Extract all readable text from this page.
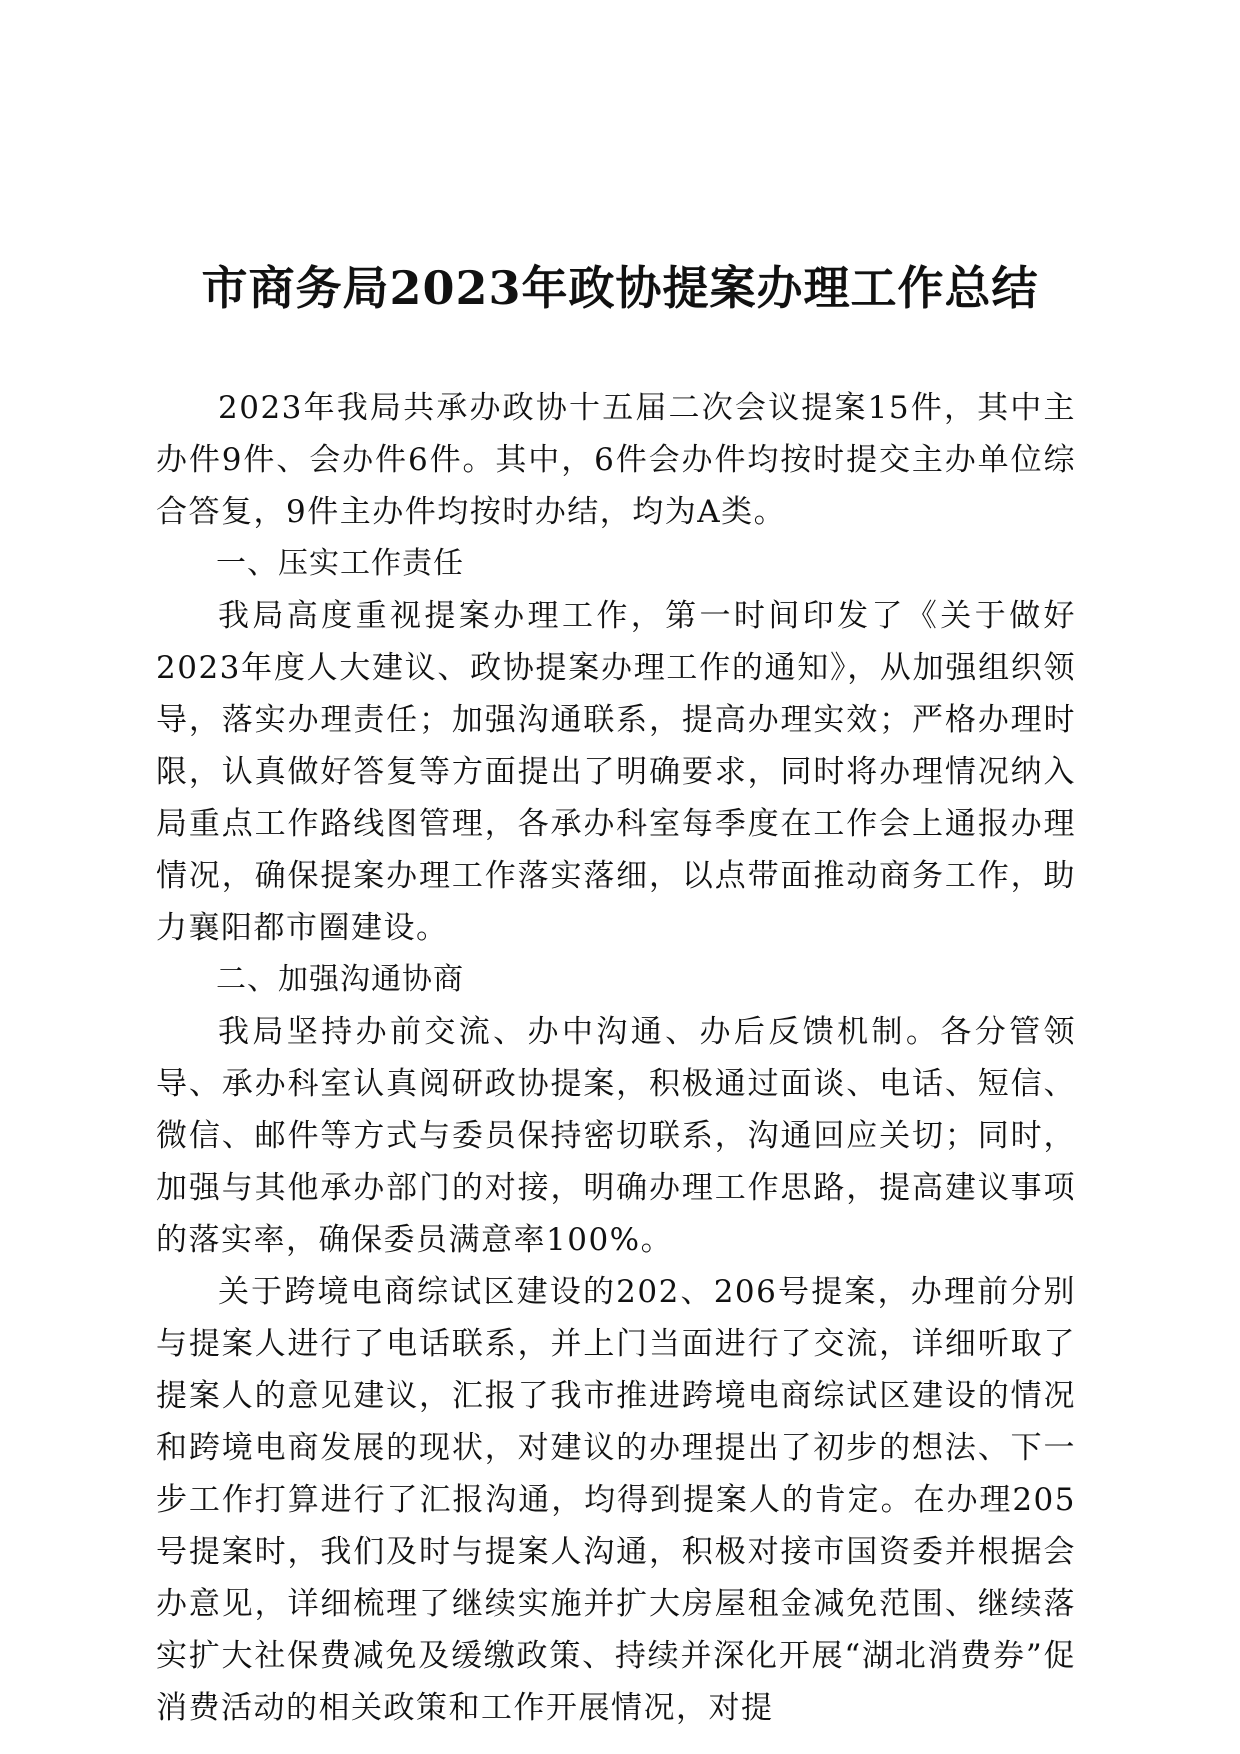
市商务局2023年政协提案办理工作总结

2023年我局共承办政协十五届二次会议提案15件，其中主办件9件、会办件6件。其中，6件会办件均按时提交主办单位综合答复，9件主办件均按时办结，均为A类。

一、压实工作责任

我局高度重视提案办理工作，第一时间印发了《关于做好2023年度人大建议、政协提案办理工作的通知》，从加强组织领导，落实办理责任；加强沟通联系，提高办理实效；严格办理时限，认真做好答复等方面提出了明确要求，同时将办理情况纳入局重点工作路线图管理，各承办科室每季度在工作会上通报办理情况，确保提案办理工作落实落细，以点带面推动商务工作，助力襄阳都市圈建设。

二、加强沟通协商

我局坚持办前交流、办中沟通、办后反馈机制。各分管领导、承办科室认真阅研政协提案，积极通过面谈、电话、短信、微信、邮件等方式与委员保持密切联系，沟通回应关切；同时，加强与其他承办部门的对接，明确办理工作思路，提高建议事项的落实率，确保委员满意率100%。

关于跨境电商综试区建设的202、206号提案，办理前分别与提案人进行了电话联系，并上门当面进行了交流，详细听取了提案人的意见建议，汇报了我市推进跨境电商综试区建设的情况和跨境电商发展的现状，对建议的办理提出了初步的想法、下一步工作打算进行了汇报沟通，均得到提案人的肯定。在办理205号提案时，我们及时与提案人沟通，积极对接市国资委并根据会办意见，详细梳理了继续实施并扩大房屋租金减免范围、继续落实扩大社保费减免及缓缴政策、持续并深化开展“湖北消费券”促消费活动的相关政策和工作开展情况，对提
